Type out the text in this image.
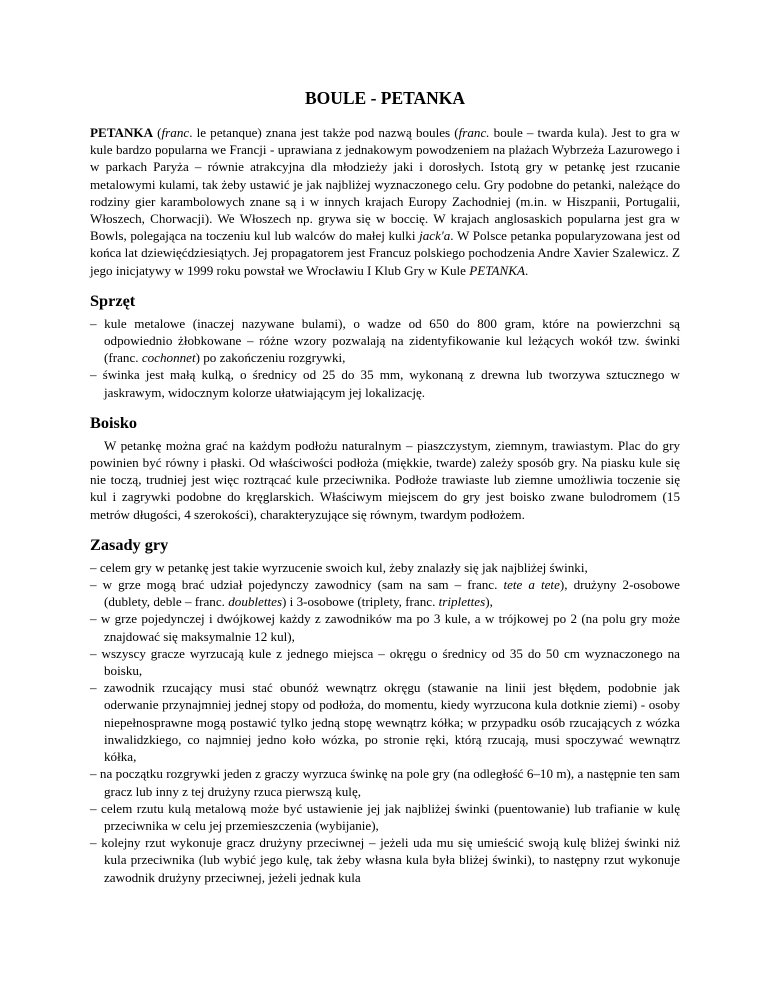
BOULE - PETANKA

PETANKA (franc. le petanque) znana jest także pod nazwą boules (franc. boule – twarda kula). Jest to gra w kule bardzo popularna we Francji - uprawiana z jednakowym powodzeniem na plażach Wybrzeża Lazurowego i w parkach Paryża – równie atrakcyjna dla młodzieży jaki i dorosłych. Istotą gry w petankę jest rzucanie metalowymi kulami, tak żeby ustawić je jak najbliżej wyznaczonego celu. Gry podobne do petanki, należące do rodziny gier karambolowych znane są i w innych krajach Europy Zachodniej (m.in. w Hiszpanii, Portugalii, Włoszech, Chorwacji). We Włoszech np. grywa się w boccię. W krajach anglosaskich popularna jest gra w Bowls, polegająca na toczeniu kul lub walców do małej kulki jack'a. W Polsce petanka popularyzowana jest od końca lat dziewięćdziesiątych. Jej propagatorem jest Francuz polskiego pochodzenia Andre Xavier Szalewicz. Z jego inicjatywy w 1999 roku powstał we Wrocławiu I Klub Gry w Kule PETANKA.

Sprzęt
– kule metalowe (inaczej nazywane bulami), o wadze od 650 do 800 gram, które na powierzchni są odpowiednio żłobkowane – różne wzory pozwalają na zidentyfikowanie kul leżących wokół tzw. świnki (franc. cochonnet) po zakończeniu rozgrywki,
– świnka jest małą kulką, o średnicy od 25 do 35 mm, wykonaną z drewna lub tworzywa sztucznego w jaskrawym, widocznym kolorze ułatwiającym jej lokalizację.
Boisko

W petankę można grać na każdym podłożu naturalnym – piaszczystym, ziemnym, trawiastym. Plac do gry powinien być równy i płaski. Od właściwości podłoża (miękkie, twarde) zależy sposób gry. Na piasku kule się nie toczą, trudniej jest więc roztrącać kule przeciwnika. Podłoże trawiaste lub ziemne umożliwia toczenie się kul i zagrywki podobne do kręglarskich. Właściwym miejscem do gry jest boisko zwane bulodromem (15 metrów długości, 4 szerokości), charakteryzujące się równym, twardym podłożem.

Zasady gry
– celem gry w petankę jest takie wyrzucenie swoich kul, żeby znalazły się jak najbliżej świnki,
– w grze mogą brać udział pojedynczy zawodnicy (sam na sam – franc. tete a tete), drużyny 2-osobowe (dublety, deble – franc. doublettes) i 3-osobowe (triplety, franc. triplettes),
– w grze pojedynczej i dwójkowej każdy z zawodników ma po 3 kule, a w trójkowej po 2 (na polu gry może znajdować się maksymalnie 12 kul),
– wszyscy gracze wyrzucają kule z jednego miejsca – okręgu o średnicy od 35 do 50 cm wyznaczonego na boisku,
– zawodnik rzucający musi stać obunóż wewnątrz okręgu (stawanie na linii jest błędem, podobnie jak oderwanie przynajmniej jednej stopy od podłoża, do momentu, kiedy wyrzucona kula dotknie ziemi) - osoby niepełnosprawne mogą postawić tylko jedną stopę wewnątrz kółka; w przypadku osób rzucających z wózka inwalidzkiego, co najmniej jedno koło wózka, po stronie ręki, którą rzucają, musi spoczywać wewnątrz kółka,
– na początku rozgrywki jeden z graczy wyrzuca świnkę na pole gry (na odległość 6–10 m), a następnie ten sam gracz lub inny z tej drużyny rzuca pierwszą kulę,
– celem rzutu kulą metalową może być ustawienie jej jak najbliżej świnki (puentowanie) lub trafianie w kulę przeciwnika w celu jej przemieszczenia (wybijanie),
– kolejny rzut wykonuje gracz drużyny przeciwnej – jeżeli uda mu się umieścić swoją kulę bliżej świnki niż kula przeciwnika (lub wybić jego kulę, tak żeby własna kula była bliżej świnki), to następny rzut wykonuje zawodnik drużyny przeciwnej, jeżeli jednak kula
